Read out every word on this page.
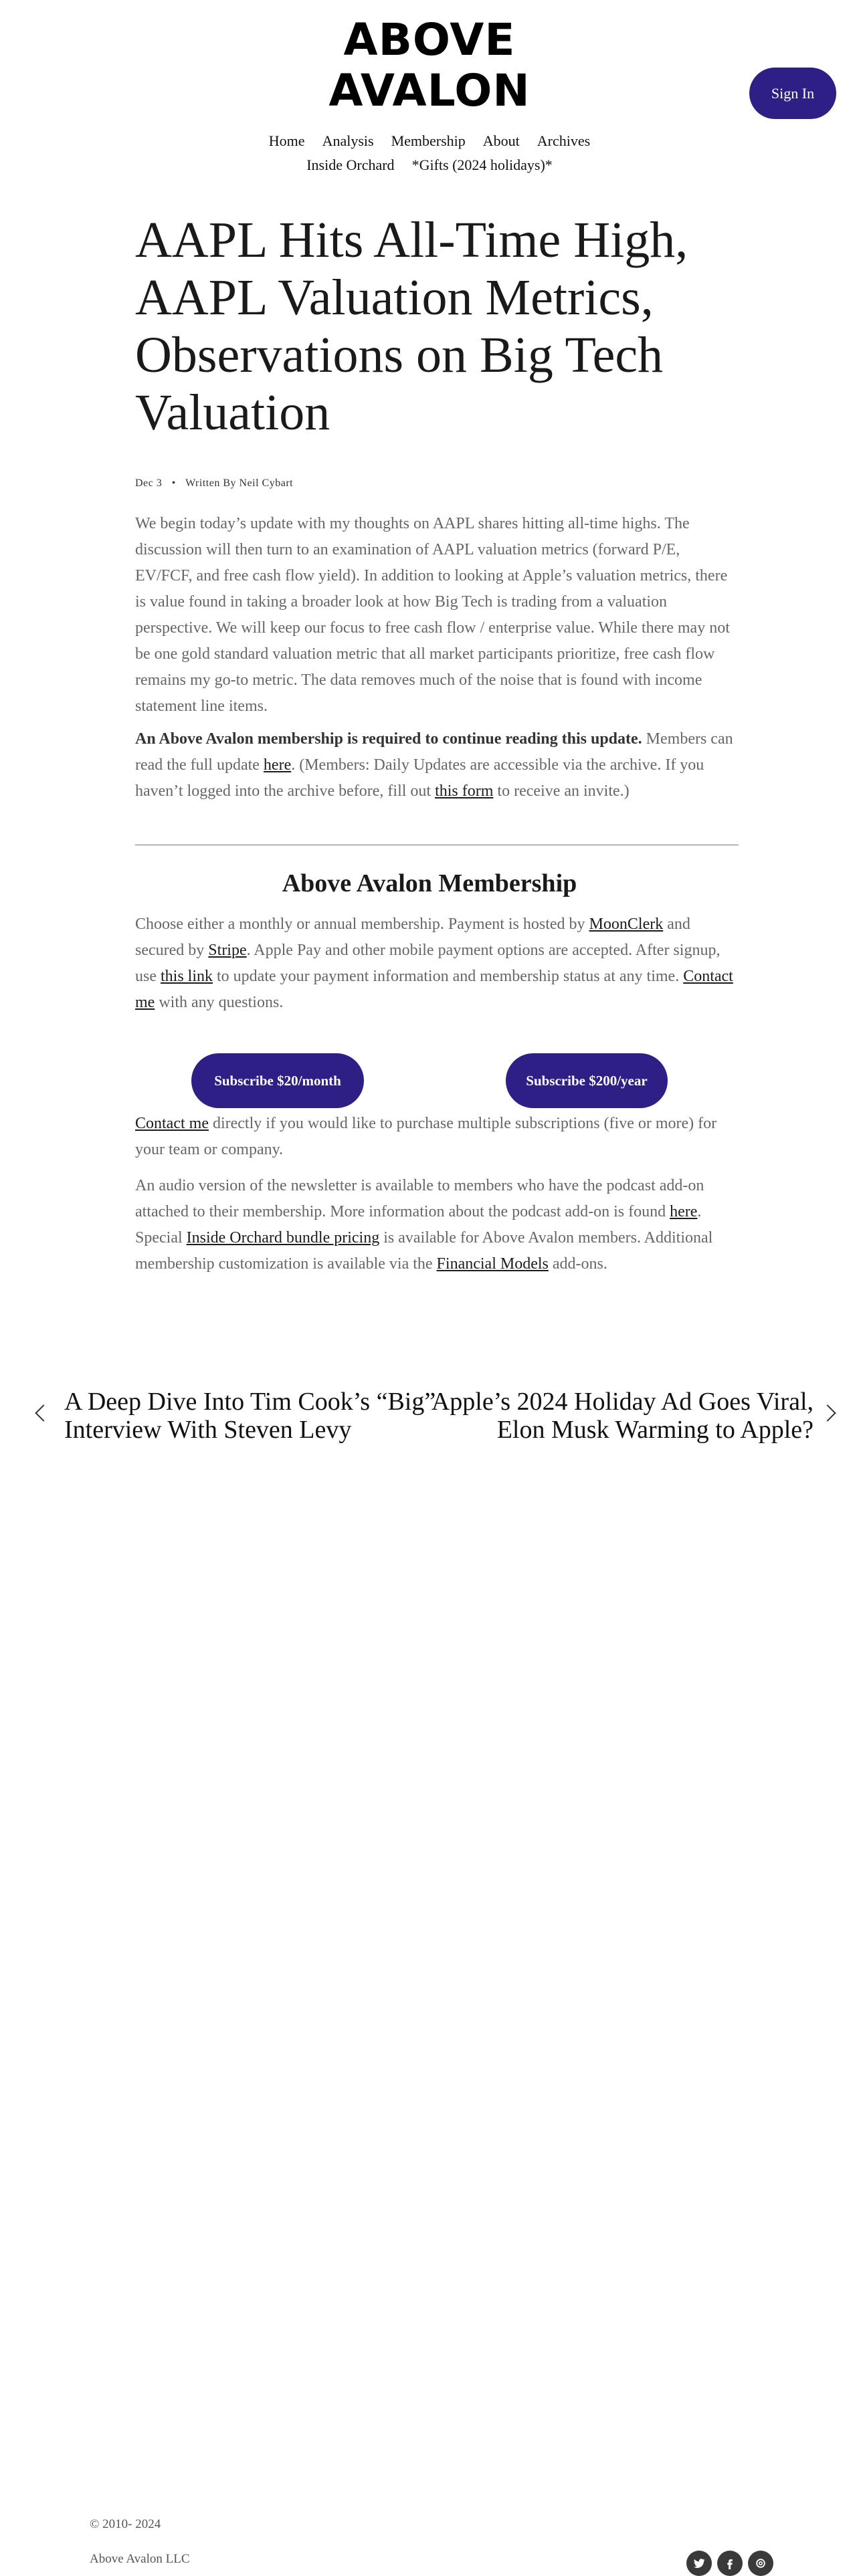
ABOVE
AVALON	Sign In
Home Analysis Membership About Archives
Inside Orchard *Gifts (2024 holidays)*
AAPL Hits All-Time High, AAPL Valuation Metrics, Observations on Big Tech Valuation
Dec 3 • Written By Neil Cybart

We begin today’s update with my thoughts on AAPL shares hitting all-time highs. The discussion will then turn to an examination of AAPL valuation metrics (forward P/E, EV/FCF, and free cash flow yield). In addition to looking at Apple’s valuation metrics, there is value found in taking a broader look at how Big Tech is trading from a valuation perspective. We will keep our focus to free cash flow / enterprise value. While there may not be one gold standard valuation metric that all market participants prioritize, free cash flow remains my go-to metric. The data removes much of the noise that is found with income statement line items.

An Above Avalon membership is required to continue reading this update. Members can read the full update here. (Members: Daily Updates are accessible via the archive. If you haven’t logged into the archive before, fill out this form to receive an invite.)

Above Avalon Membership

Choose either a monthly or annual membership. Payment is hosted by MoonClerk and secured by Stripe. Apple Pay and other mobile payment options are accepted. After signup, use this link to update your payment information and membership status at any time. Contact me with any questions.

Subscribe $20/month	Subscribe $200/year

Contact me directly if you would like to purchase multiple subscriptions (five or more) for your team or company.

An audio version of the newsletter is available to members who have the podcast add-on attached to their membership. More information about the podcast add-on is found here. Special Inside Orchard bundle pricing is available for Above Avalon members. Additional membership customization is available via the Financial Models add-ons.

A Deep Dive Into Tim Cook’s “Big”
Interview With Steven Levy
Apple’s 2024 Holiday Ad Goes Viral,
Elon Musk Warming to Apple?
© 2010- 2024
Above Avalon LLC
